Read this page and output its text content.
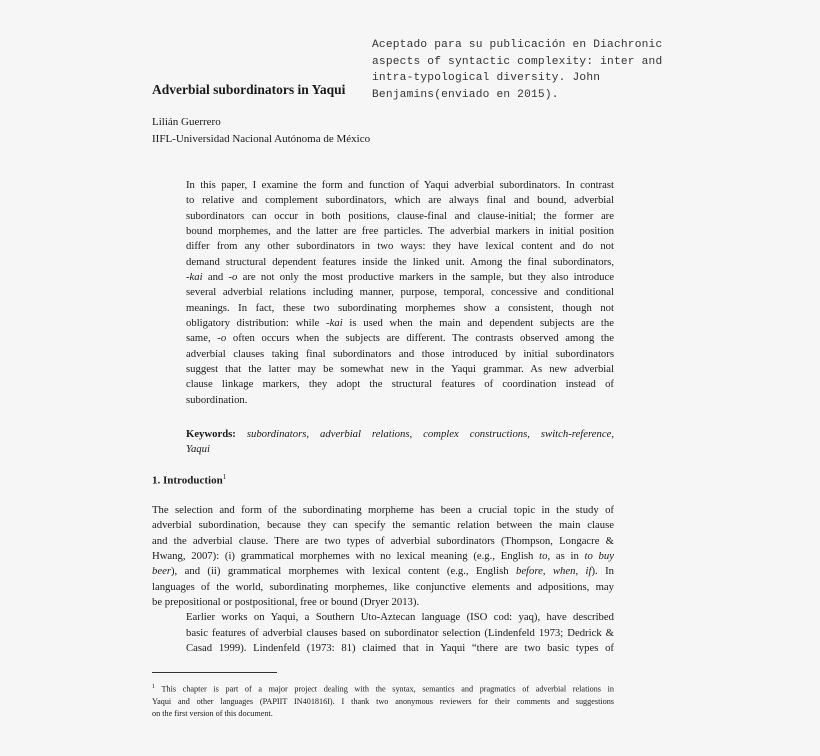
Aceptado para su publicación en Diachronic
aspects of syntactic complexity: inter and
intra-typological diversity. John
Benjamins(enviado en 2015).
Adverbial subordinators in Yaqui
Lilián Guerrero
IIFL-Universidad Nacional Autónoma de México
In this paper, I examine the form and function of Yaqui adverbial subordinators. In contrast
to relative and complement subordinators, which are always final and bound, adverbial
subordinators can occur in both positions, clause-final and clause-initial; the former are
bound morphemes, and the latter are free particles. The adverbial markers in initial position
differ from any other subordinators in two ways: they have lexical content and do not
demand structural dependent features inside the linked unit. Among the final subordinators,
-kai and -o are not only the most productive markers in the sample, but they also introduce
several adverbial relations including manner, purpose, temporal, concessive and conditional
meanings. In fact, these two subordinating morphemes show a consistent, though not
obligatory distribution: while -kai is used when the main and dependent subjects are the
same, -o often occurs when the subjects are different. The contrasts observed among the
adverbial clauses taking final subordinators and those introduced by initial subordinators
suggest that the latter may be somewhat new in the Yaqui grammar. As new adverbial
clause linkage markers, they adopt the structural features of coordination instead of
subordination.
Keywords: subordinators, adverbial relations, complex constructions, switch-reference,
Yaqui
1. Introduction$^1$

The selection and form of the subordinating morpheme has been a crucial topic in the study of
adverbial subordination, because they can specify the semantic relation between the main clause
and the adverbial clause. There are two types of adverbial subordinators (Thompson, Longacre &
Hwang, 2007): (i) grammatical morphemes with no lexical meaning (e.g., English to, as in to buy
beer), and (ii) grammatical morphemes with lexical content (e.g., English before, when, if). In
languages of the world, subordinating morphemes, like conjunctive elements and adpositions, may
be prepositional or postpositional, free or bound (Dryer 2013).

Earlier works on Yaqui, a Southern Uto-Aztecan language (ISO cod: yaq), have described
basic features of adverbial clauses based on subordinator selection (Lindenfeld 1973; Dedrick &
Casad 1999). Lindenfeld (1973: 81) claimed that in Yaqui “there are two basic types of

$^1$ This chapter is part of a major project dealing with the syntax, semantics and pragmatics of adverbial relations in
Yaqui and other languages (PAPIIT IN401816I). I thank two anonymous reviewers for their comments and suggestions
on the first version of this document.
